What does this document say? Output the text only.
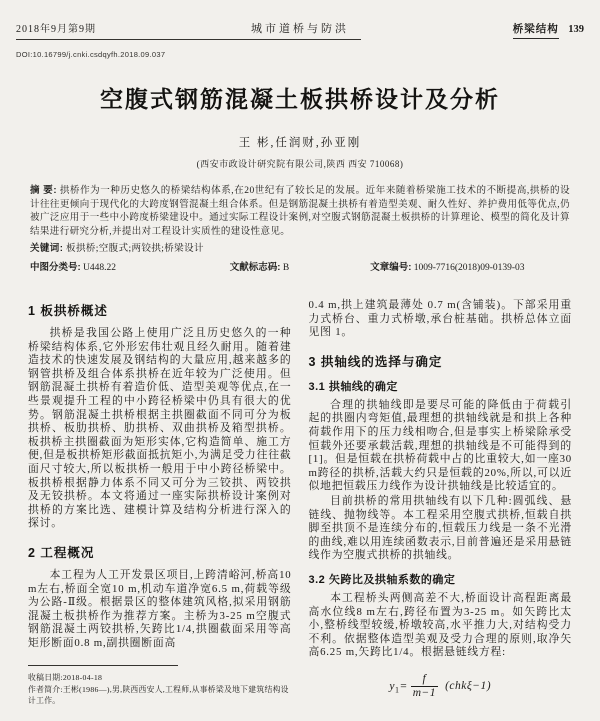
2018年9月第9期	城市道桥与防洪	桥梁结构 139
DOI:10.16799/j.cnki.csdqyfh.2018.09.037
空腹式钢筋混凝土板拱桥设计及分析
王 彬,任润财,孙亚刚
(西安市政设计研究院有限公司,陕西 西安 710068)
摘 要: 拱桥作为一种历史悠久的桥梁结构体系,在20世纪有了较长足的发展。近年来随着桥梁施工技术的不断提高,拱桥的设计往往更倾向于现代化的大跨度钢管混凝土组合体系。但是钢筋混凝土拱桥有着造型美观、耐久性好、养护费用低等优点,仍被广泛应用于一些中小跨度桥梁建设中。通过实际工程设计案例,对空腹式钢筋混凝土板拱桥的计算理论、模型的简化及计算结果进行研究分析,并提出对工程设计实质性的建设性意见。
关键词: 板拱桥;空腹式;两铰拱;桥梁设计
中图分类号: U448.22	文献标志码: B	文章编号: 1009-7716(2018)09-0139-03
1 板拱桥概述

拱桥是我国公路上使用广泛且历史悠久的一种桥梁结构体系,它外形宏伟壮观且经久耐用。随着建造技术的快速发展及钢结构的大量应用,越来越多的钢管拱桥及组合体系拱桥在近年较为广泛使用。但钢筋混凝土拱桥有着造价低、造型美观等优点,在一些景观提升工程的中小跨径桥梁中仍具有很大的优势。钢筋混凝土拱桥根据主拱圈截面不同可分为板拱桥、板肋拱桥、肋拱桥、双曲拱桥及箱型拱桥。板拱桥主拱圈截面为矩形实体,它构造简单、施工方便,但是板拱桥矩形截面抵抗矩小,为满足受力往往截面尺寸较大,所以板拱桥一般用于中小跨径桥梁中。板拱桥根据静力体系不同又可分为三铰拱、两铰拱及无铰拱桥。本文将通过一座实际拱桥设计案例对拱桥的方案比选、建模计算及结构分析进行深入的探讨。

2 工程概况

本工程为人工开发景区项目,上跨清峪河,桥高10 m左右,桥面全宽10 m,机动车道净宽6.5 m,荷载等级为公路-Ⅱ级。根据景区的整体建筑风格,拟采用钢筋混凝土板拱桥作为推荐方案。主桥为3-25 m空腹式钢筋混凝土两铰拱桥,矢跨比1/4,拱圈截面采用等高矩形断面0.8 m,副拱圈断面高

收稿日期:2018-04-18
作者简介:王彬(1986—),男,陕西西安人,工程师,从事桥梁及地下建筑结构设计工作。

0.4 m,拱上建筑最薄处 0.7 m(含铺装)。下部采用重力式桥台、重力式桥墩,承台桩基础。拱桥总体立面见图 1。

3 拱轴线的选择与确定
3.1 拱轴线的确定

合理的拱轴线即是要尽可能的降低由于荷载引起的拱圈内弯矩值,最理想的拱轴线就是和拱上各种荷载作用下的压力线相吻合,但是事实上桥梁除承受恒载外还要承载活载,理想的拱轴线是不可能得到的[1]。但是恒载在拱桥荷载中占的比重较大,如一座30 m跨径的拱桥,活载大约只是恒载的20%,所以,可以近似地把恒载压力线作为设计拱轴线是比较适宜的。

目前拱桥的常用拱轴线有以下几种:圆弧线、悬链线、抛物线等。本工程采用空腹式拱桥,恒载自拱脚至拱顶不是连续分布的,恒载压力线是一条不光滑的曲线,难以用连续函数表示,目前普遍还是采用悬链线作为空腹式拱桥的拱轴线。

3.2 矢跨比及拱轴系数的确定

本工程桥头两侧高差不大,桥面设计高程距离最高水位线8 m左右,跨径布置为3-25 m。如矢跨比太小,整桥线型较缓,桥墩较高,水平推力大,对结构受力不利。依据整体造型美观及受力合理的原则,取净矢高6.25 m,矢跨比1/4。根据悬链线方程:

$y_1= \frac{f}{m-1} (chk\xi-1)$
